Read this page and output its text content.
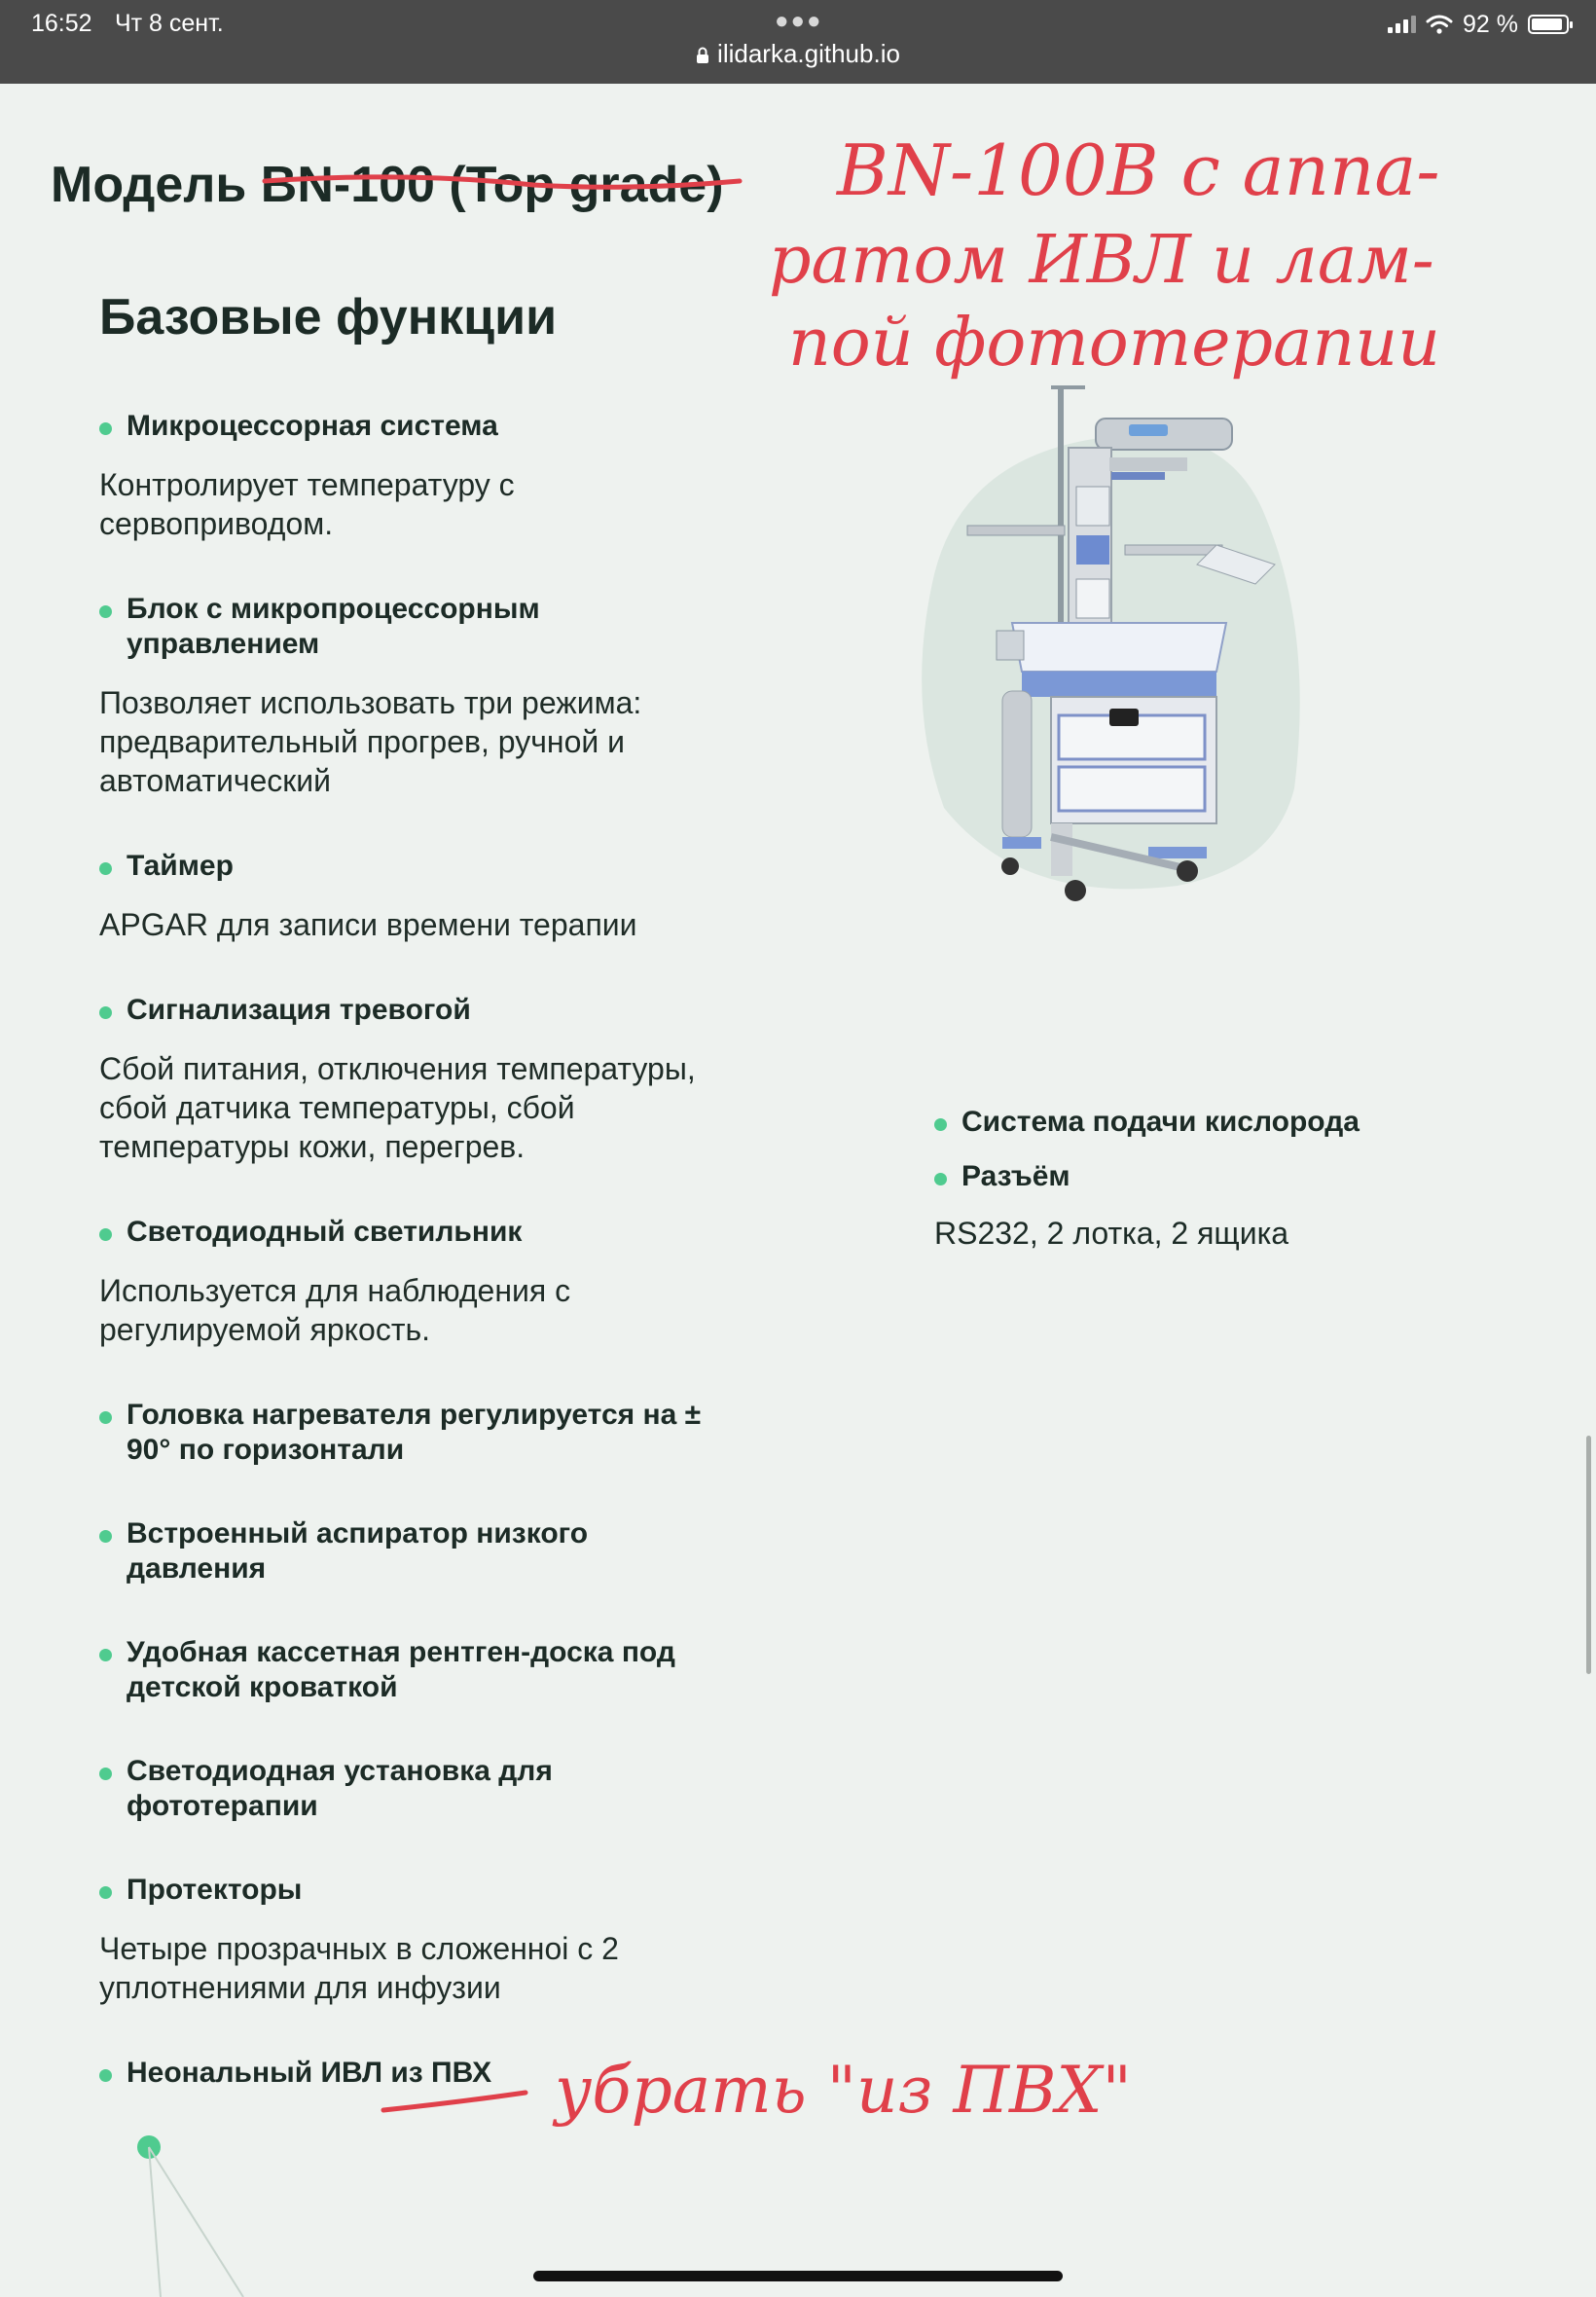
16:52 Чт 8 сент.	●●●
ilidarka.github.io
92 %
Модель BN-100 (Top grade)
Базовые функции
Микроцессорная система
Контролирует температуру с сервоприводом.
Блок с микропроцессорным управлением
Позволяет использовать три режима: предварительный прогрев, ручной и автоматический
Таймер
APGAR для записи времени терапии
Сигнализация тревогой
Сбой питания, отключения температуры, сбой датчика температуры, сбой температуры кожи, перегрев.
Светодиодный светильник
Используется для наблюдения с регулируемой яркость.
Головка нагревателя регулируется на ± 90° по горизонтали
Встроенный аспиратор низкого давления
Удобная кассетная рентген-доска под детской кроваткой
Светодиодная установка для фототерапии
Протекторы
Четыре прозрачных в сложенноі с 2 уплотнениями для инфузии
Неональный ИВЛ из ПВХ
Система подачи кислорода
Разъём
RS232, 2 лотка, 2 ящика
BN-100B с аппа-
ратом ИВЛ и лам-
пой фототерапии
убрать "из ПВХ"
